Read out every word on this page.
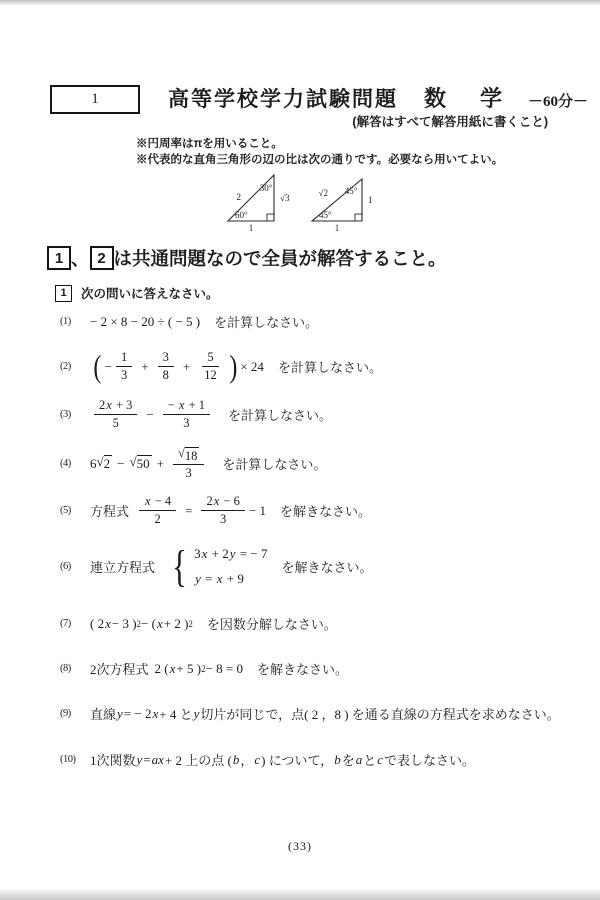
1	高等学校学力試験問題 数　学 －60分－
(解答はすべて解答用紙に書くこと)
※円周率はπを用いること。
※代表的な直角三角形の辺の比は次の通りです。必要なら用いてよい。
2
30°
60°
√3
1
√2 45°
45°
1
1
1 、 2 は共通問題なので全員が解答すること。
1	次の問いに答えなさい。
(1)	− 2 × 8 − 20 ÷ ( − 5 ) を計算しなさい。
(2) ( − $\frac{1}{3} + \frac{3}{8} + \frac{5}{12}$ ) × 24 を計算しなさい。
(3)	$\frac{2x + 3}{5} - \frac{- x + 1}{3}$ を計算しなさい。
(4)	6 √ 2 − √ $50 + \frac{√ 18}{3}$ を計算しなさい。
(5)	方程式 $\frac{x - 4}{2} = \frac{2x - 6}{3} - 1$ を解きなさい。
(6)	連立方程式 { 3x + 2y = − 7
y = x + 9
を解きなさい。
(7)	( 2 x − 3 ) 2 − ( x + 2 ) 2 を因数分解しなさい。
(8)	2次方程式 2 ( x + 5 ) 2 − 8 = 0 を解きなさい。
(9)	直線 y = − 2 x + 4 と y 切片が同じで，点( 2 ，8 ) を通る直線の方程式を求めなさい。
(10)	1次関数 y = ax + 2 上の点 ( b ， c ) について， b を a と c で表しなさい。
(33)
